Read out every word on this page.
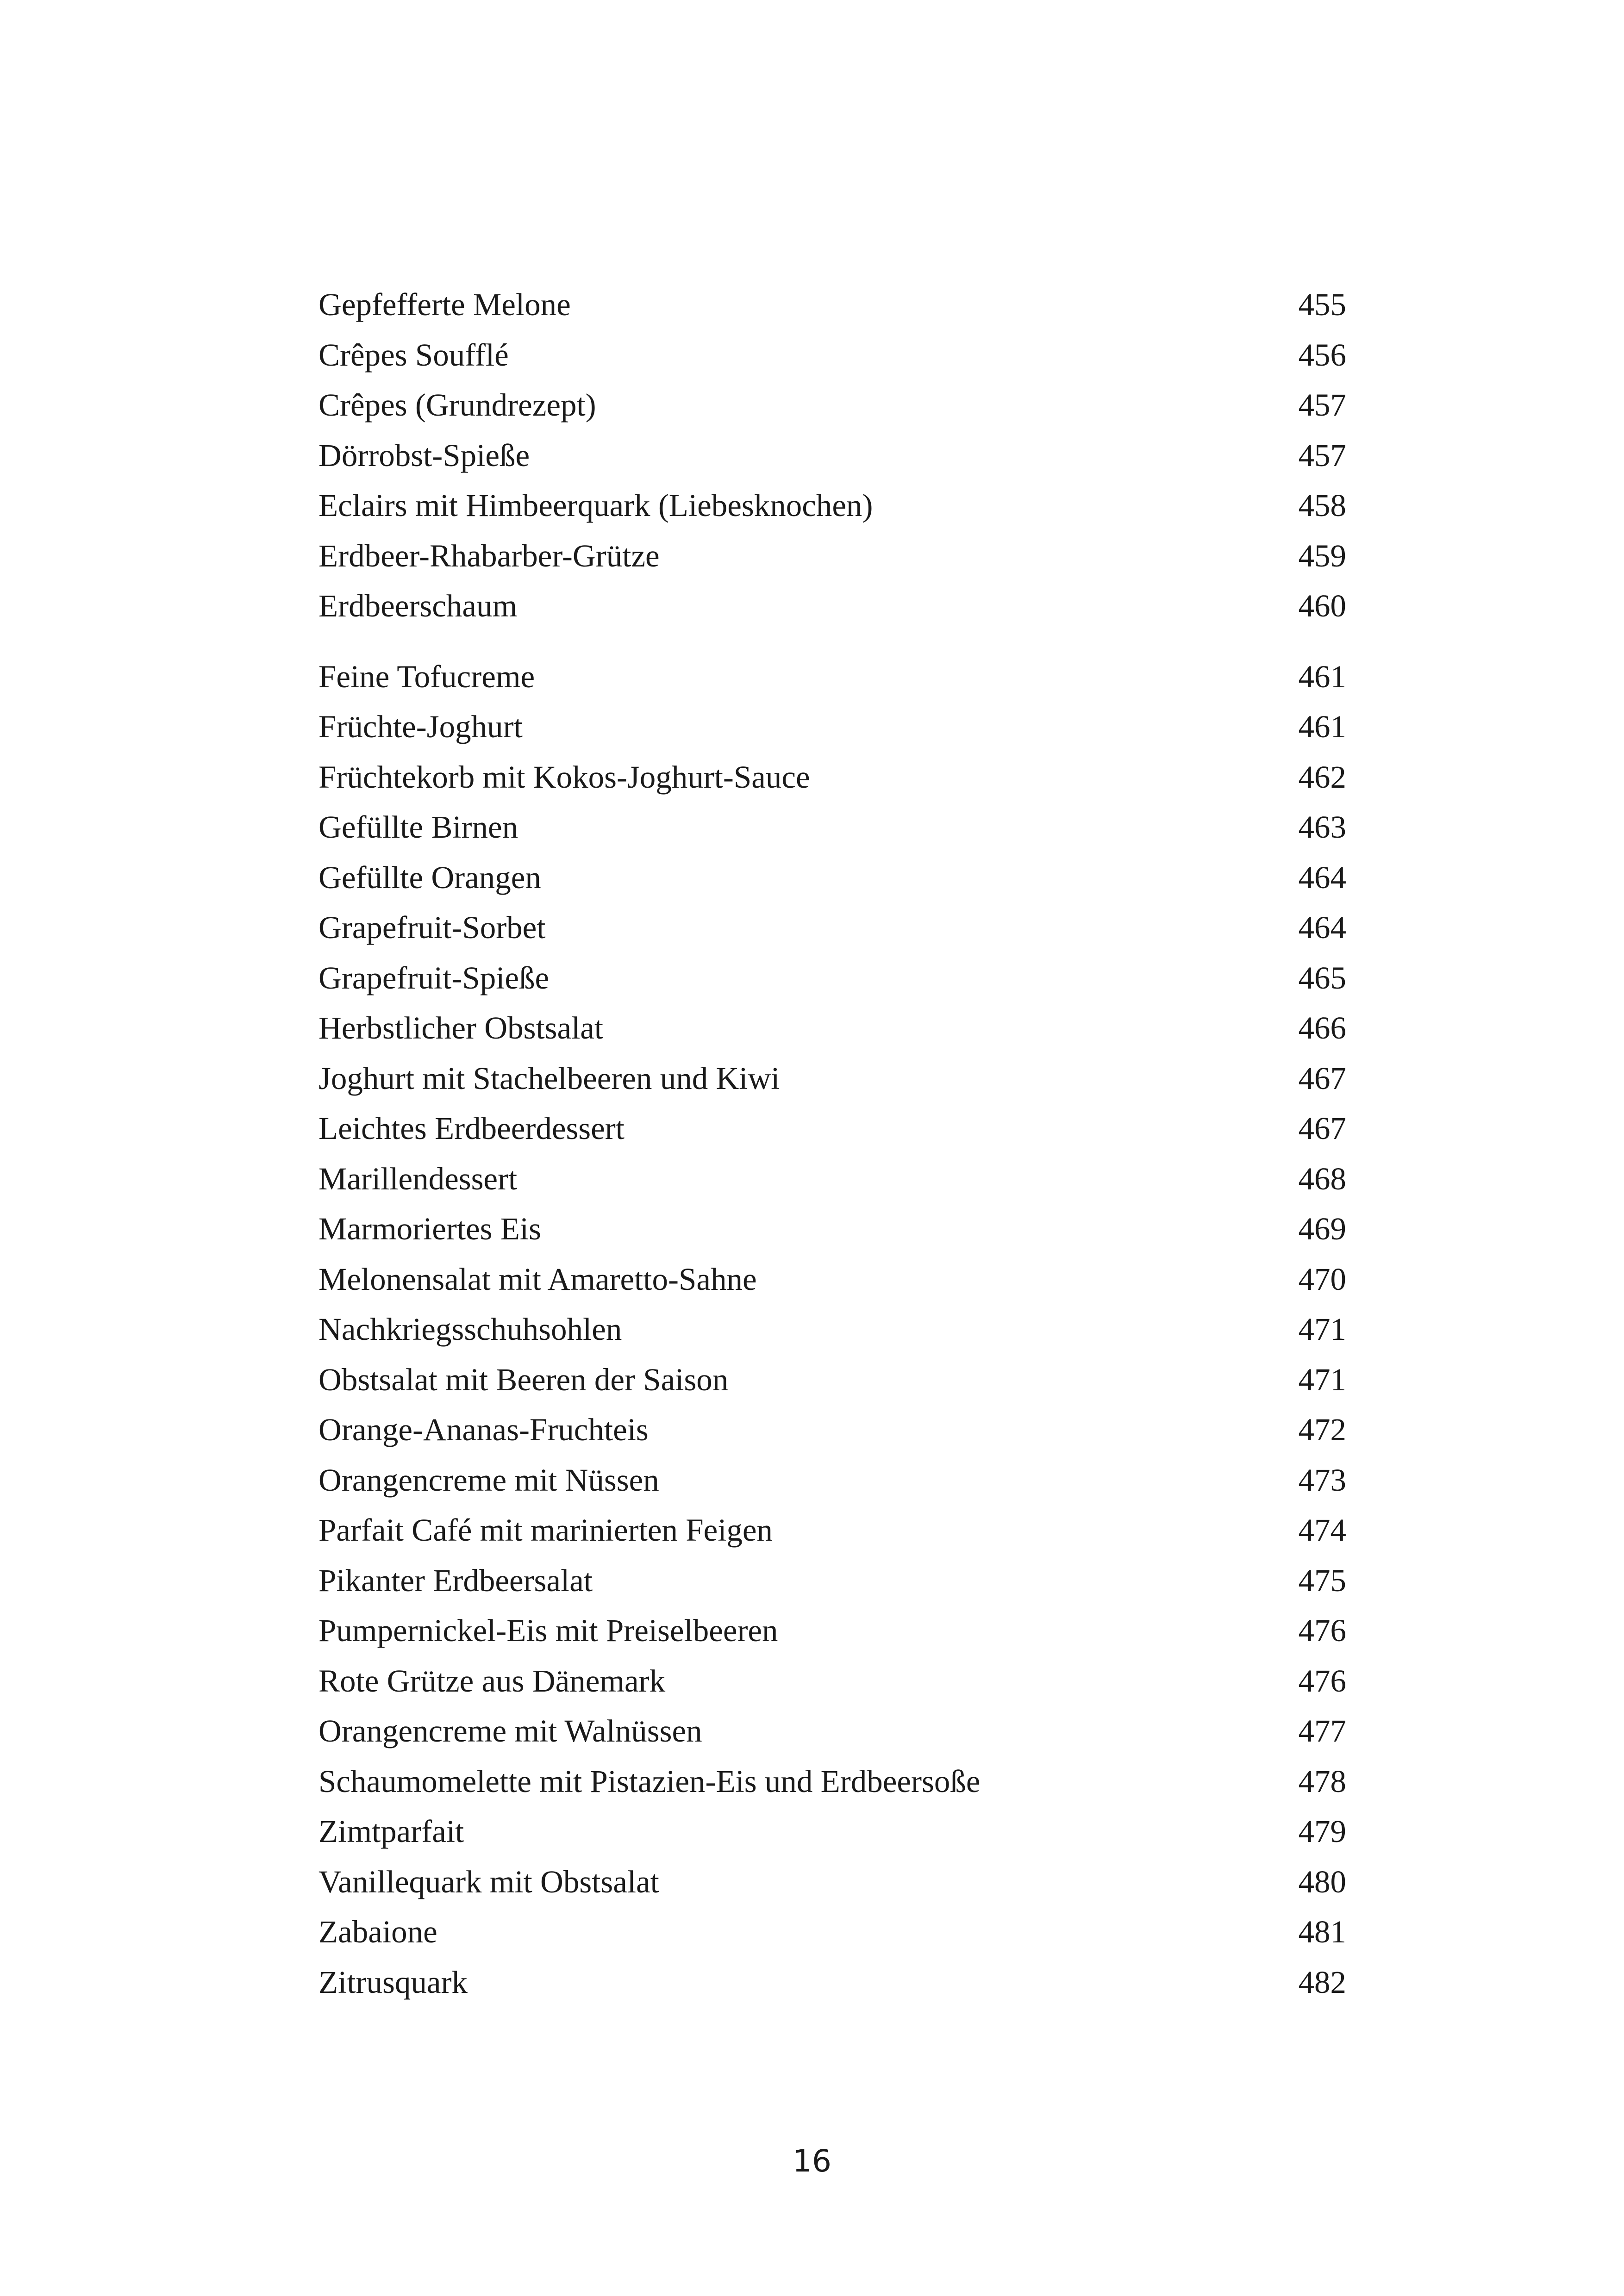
Gepfefferte Melone	455
Crêpes Soufflé	456
Crêpes (Grundrezept)	457
Dörrobst-Spieße	457
Eclairs mit Himbeerquark (Liebesknochen)	458
Erdbeer-Rhabarber-Grütze	459
Erdbeerschaum	460
Feine Tofucreme	461
Früchte-Joghurt	461
Früchtekorb mit Kokos-Joghurt-Sauce	462
Gefüllte Birnen	463
Gefüllte Orangen	464
Grapefruit-Sorbet	464
Grapefruit-Spieße	465
Herbstlicher Obstsalat	466
Joghurt mit Stachelbeeren und Kiwi	467
Leichtes Erdbeerdessert	467
Marillendessert	468
Marmoriertes Eis	469
Melonensalat mit Amaretto-Sahne	470
Nachkriegsschuhsohlen	471
Obstsalat mit Beeren der Saison	471
Orange-Ananas-Fruchteis	472
Orangencreme mit Nüssen	473
Parfait Café mit marinierten Feigen	474
Pikanter Erdbeersalat	475
Pumpernickel-Eis mit Preiselbeeren	476
Rote Grütze aus Dänemark	476
Orangencreme mit Walnüssen	477
Schaumomelette mit Pistazien-Eis und Erdbeersoße	478
Zimtparfait	479
Vanillequark mit Obstsalat	480
Zabaione	481
Zitrusquark	482
16
